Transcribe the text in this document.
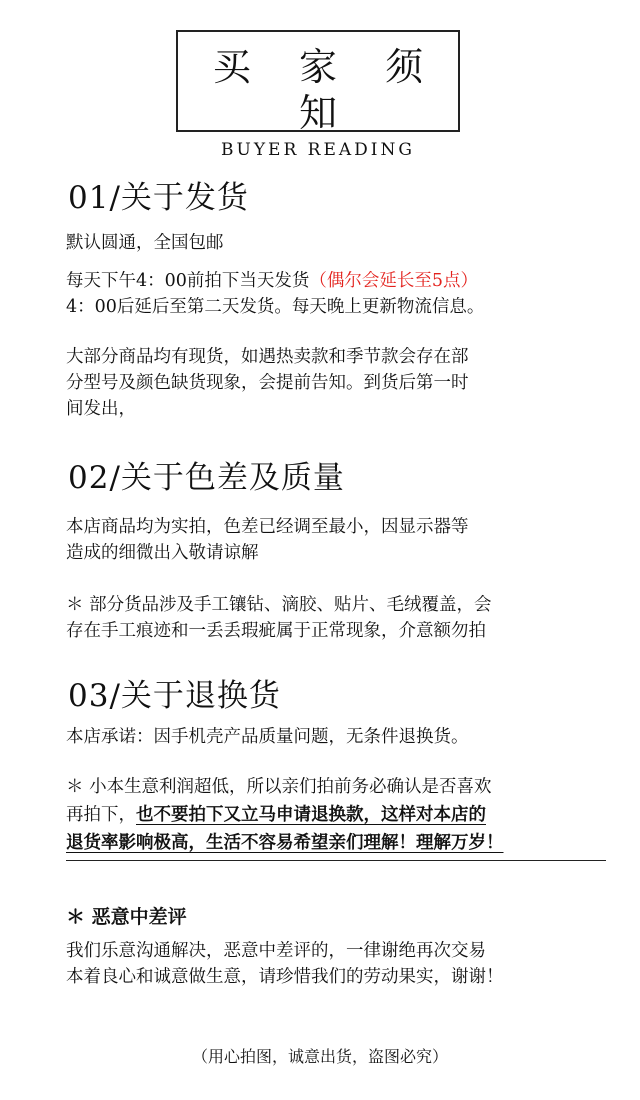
买 家 须 知
BUYER READING
01/关于发货
默认圆通，全国包邮
每天下午4：00前拍下当天发货（偶尔会延长至5点）
4：00后延后至第二天发货。每天晚上更新物流信息。
大部分商品均有现货，如遇热卖款和季节款会存在部
分型号及颜色缺货现象，会提前告知。到货后第一时
间发出，
02/关于色差及质量
本店商品均为实拍，色差已经调至最小，因显示器等
造成的细微出入敬请谅解
＊ 部分货品涉及手工镶钻、滴胶、贴片、毛绒覆盖，会
存在手工痕迹和一丢丢瑕疵属于正常现象，介意额勿拍
03/关于退换货
本店承诺：因手机壳产品质量问题，无条件退换货。
＊ 小本生意利润超低，所以亲们拍前务必确认是否喜欢
再拍下，也不要拍下又立马申请退换款，这样对本店的
退货率影响极高，生活不容易希望亲们理解！理解万岁！
＊ 恶意中差评
我们乐意沟通解决，恶意中差评的，一律谢绝再次交易
本着良心和诚意做生意，请珍惜我们的劳动果实，谢谢！
（用心拍图，诚意出货，盗图必究）
